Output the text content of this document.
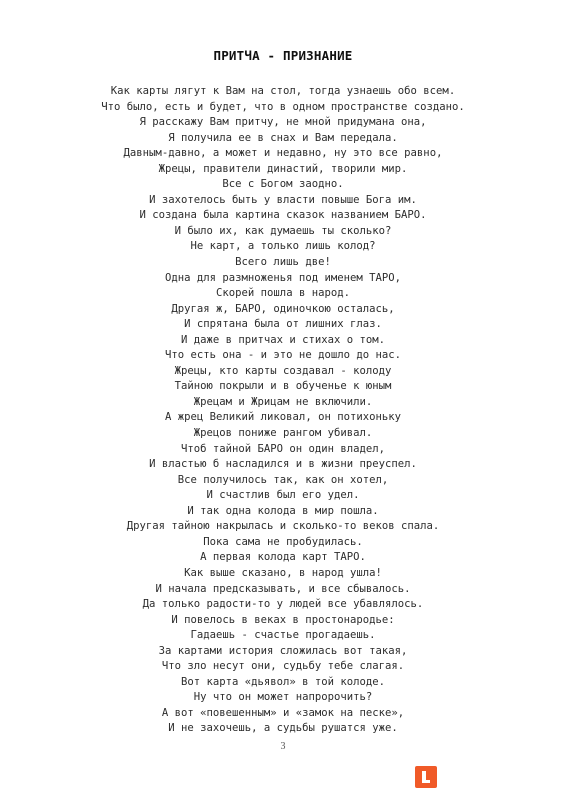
ПРИТЧА - ПРИЗНАНИЕ
Как карты лягут к Вам на стол, тогда узнаешь обо всем.
Что было, есть и будет, что в одном пространстве создано.
Я расскажу Вам притчу, не мной придумана она,
Я получила ее в снах и Вам передала.
Давным-давно, а может и недавно, ну это все равно,
Жрецы, правители династий, творили мир.
Все с Богом заодно.
И захотелось быть у власти повыше Бога им.
И создана была картина сказок названием БАРО.
И было их, как думаешь ты сколько?
Не карт, а только лишь колод?
Всего лишь две!
Одна для размноженья под именем ТАРО,
Скорей пошла в народ.
Другая ж, БАРО, одиночкою осталась,
И спрятана была от лишних глаз.
И даже в притчах и стихах о том.
Что есть она - и это не дошло до нас.
Жрецы, кто карты создавал - колоду
Тайною покрыли и в обученье к юным
Жрецам и Жрицам не включили.
А жрец Великий ликовал, он потихоньку
Жрецов пониже рангом убивал.
Чтоб тайной БАРО он один владел,
И властью б насладился и в жизни преуспел.
Все получилось так, как он хотел,
И счастлив был его удел.
И так одна колода в мир пошла.
Другая тайною накрылась и сколько-то веков спала.
Пока сама не пробудилась.
А первая колода карт ТАРО.
Как выше сказано, в народ ушла!
И начала предсказывать, и все сбывалось.
Да только радости-то у людей все убавлялось.
И повелось в веках в простонародье:
Гадаешь - счастье прогадаешь.
За картами история сложилась вот такая,
Что зло несут они, судьбу тебе слагая.
Вот карта «дьявол» в той колоде.
Ну что он может напророчить?
А вот «повешенным» и «замок на песке»,
И не захочешь, а судьбы рушатся уже.
3
